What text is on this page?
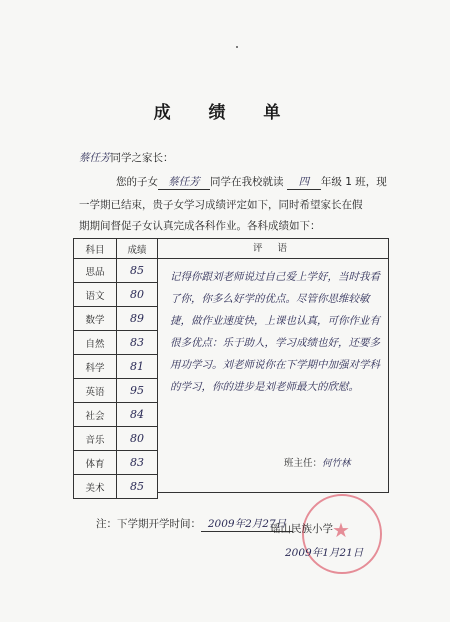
成 绩 单
蔡任芳同学之家长：
您的子女 蔡任芳 同学在我校就读 四 年级 1 班，现
一学期已结束，贵子女学习成绩评定如下，同时希望家长在假
期期间督促子女认真完成各科作业。各科成绩如下：
科目	成绩
思品	85
语文	80
数学	89
自然	83
科学	81
英语	95
社会	84
音乐	80
体育	83
美术	85
评 语
记得你跟刘老师说过自己爱上学好，当时我看了你，你多么好学的优点。尽管你思维较敏捷，做作业速度快，上课也认真，可你作业有很多优点：乐于助人，学习成绩也好，还要多用功学习。刘老师说你在下学期中加强对学科的学习，你的进步是刘老师最大的欣慰。
班主任：何竹林
注：下学期开学时间： 2009年2月27日	★
瑶山民族小学
2009年1月21日
